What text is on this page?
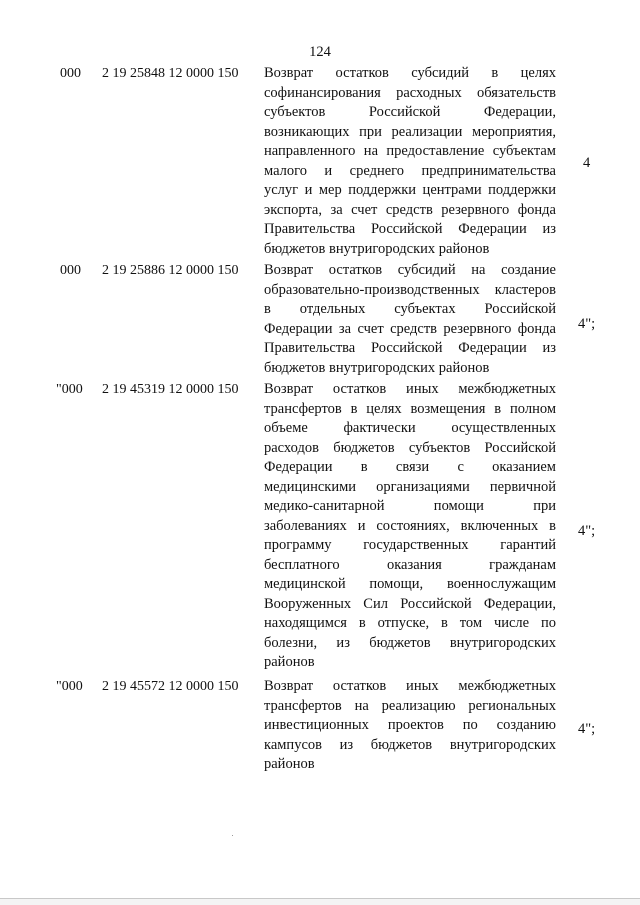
124
000 2 19 25848 12 0000 150 Возврат остатков субсидий в целях
софинансирования расходных обязательств
субъектов Российской Федерации,
возникающих при реализации мероприятия,
направленного на предоставление субъектам
малого и среднего предпринимательства
услуг и мер поддержки центрами поддержки
экспорта, за счет средств резервного фонда
Правительства Российской Федерации из
бюджетов внутригородских районов
4
000 2 19 25886 12 0000 150 Возврат остатков субсидий на создание
образовательно-производственных кластеров
в отдельных субъектах Российской
Федерации за счет средств резервного фонда
Правительства Российской Федерации из
бюджетов внутригородских районов
4";
"000 2 19 45319 12 0000 150 Возврат остатков иных межбюджетных
трансфертов в целях возмещения в полном
объеме фактически осуществленных
расходов бюджетов субъектов Российской
Федерации в связи с оказанием
медицинскими организациями первичной
медико-санитарной помощи при
заболеваниях и состояниях, включенных в
программу государственных гарантий
бесплатного оказания гражданам
медицинской помощи, военнослужащим
Вооруженных Сил Российской Федерации,
находящимся в отпуске, в том числе по
болезни, из бюджетов внутригородских
районов
4";
"000 2 19 45572 12 0000 150 Возврат остатков иных межбюджетных
трансфертов на реализацию региональных
инвестиционных проектов по созданию
кампусов из бюджетов внутригородских
районов
4";
